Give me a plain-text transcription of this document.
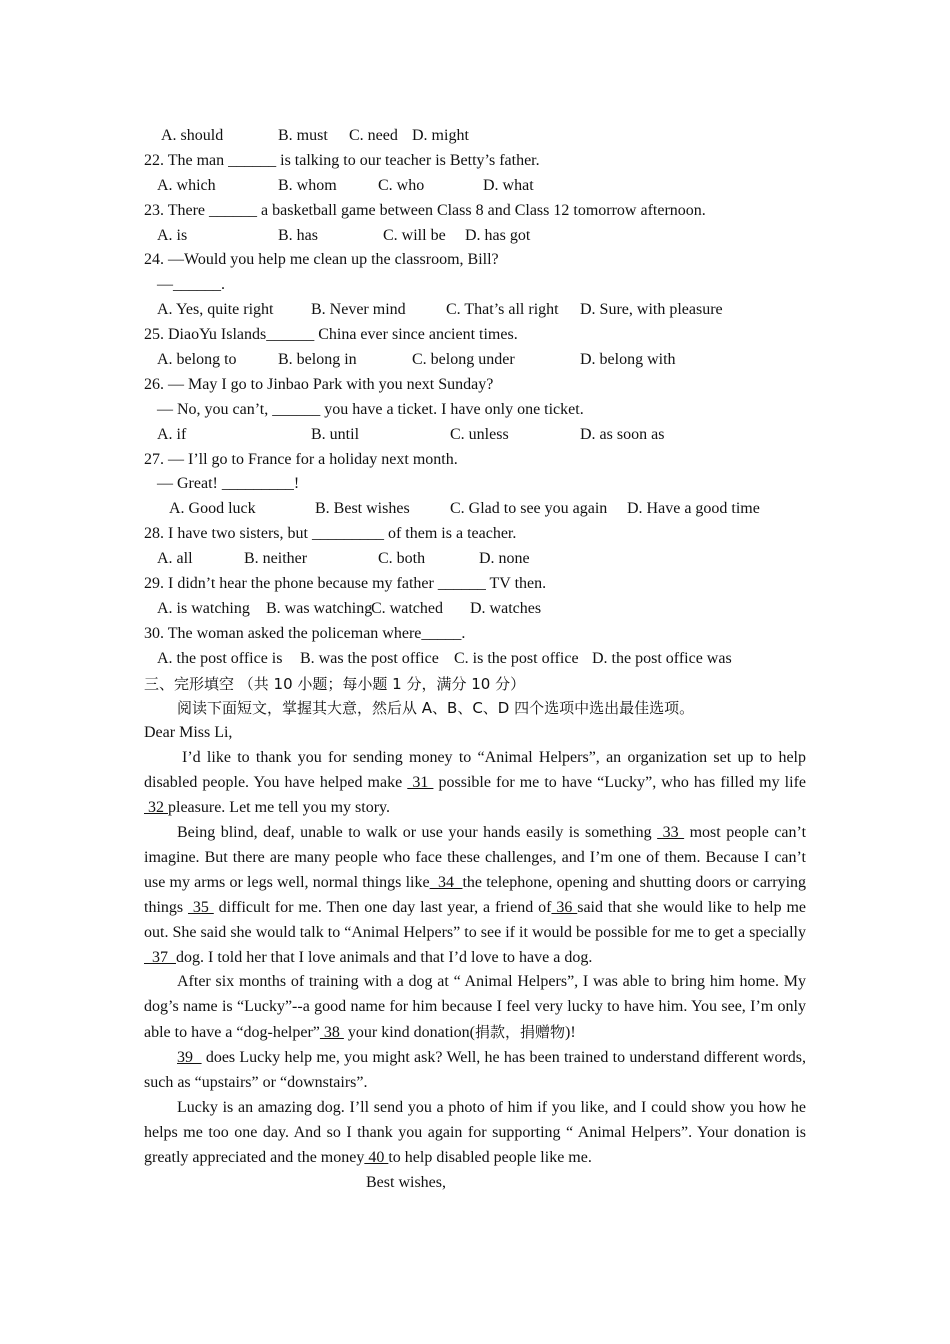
A. should	B. must C. need D. might
22. The man ______ is talking to our teacher is Betty’s father.
A. which	B. whom	C. who	D. what
23. There ______ a basketball game between Class 8 and Class 12 tomorrow afternoon.
A. is	B. has	C. will be D. has got
24. —Would you help me clean up the classroom, Bill?
—______.
A. Yes, quite right B. Never mind	C. That’s all right D. Sure, with pleasure
25. DiaoYu Islands______ China ever since ancient times.
A. belong to	B. belong in	C. belong under	D. belong with
26. — May I go to Jinbao Park with you next Sunday?
— No, you can’t, ______ you have a ticket. I have only one ticket.
A. if	B. until	C. unless	D. as soon as
27. — I’ll go to France for a holiday next month.
— Great! _________!
A. Good luck	B. Best wishes	C. Glad to see you again D. Have a good time
28. I have two sisters, but _________ of them is a teacher.
A. all	B. neither	C. both	D. none
29. I didn’t hear the phone because my father ______ TV then.
A. is watching B. was watching
C. watched D. watches
30. The woman asked the policeman where_____.
A. the post office is B. was the post office C. is the post office D. the post office was
三、完形填空 （共 10 小题；每小题 1 分，满分 10 分）
阅读下面短文，掌握其大意，然后从 A、B、C、D 四个选项中选出最佳选项。
Dear Miss Li,
I’d like to thank you for sending money to “Animal Helpers”, an organization set up to help disabled people. You have helped make  31  possible for me to have “Lucky”, who has filled my life 32 pleasure. Let me tell you my story.
Being blind, deaf, unable to walk or use your hands easily is something  33  most people can’t imagine. But there are many people who face these challenges, and I’m one of them. Because I can’t use my arms or legs well, normal things like  34  the telephone, opening and shutting doors or carrying things  35  difficult for me. Then one day last year, a friend of 36 said that she would like to help me out. She said she would talk to “Animal Helpers” to see if it would be possible for me to get a specially  37  dog. I told her that I love animals and that I’d love to have a dog.
After six months of training with a dog at “ Animal Helpers”, I was able to bring him home. My dog’s name is “Lucky”--a good name for him because I feel very lucky to have him. You see, I’m only able to have a “dog-helper” 38  your kind donation(捐款，捐赠物)!
39   does Lucky help me, you might ask? Well, he has been trained to understand different words, such as “upstairs” or “downstairs”.
Lucky is an amazing dog. I’ll send you a photo of him if you like, and I could show you how he helps me too one day. And so I thank you again for supporting “ Animal Helpers”. Your donation is greatly appreciated and the money 40 to help disabled people like me.
Best wishes,
